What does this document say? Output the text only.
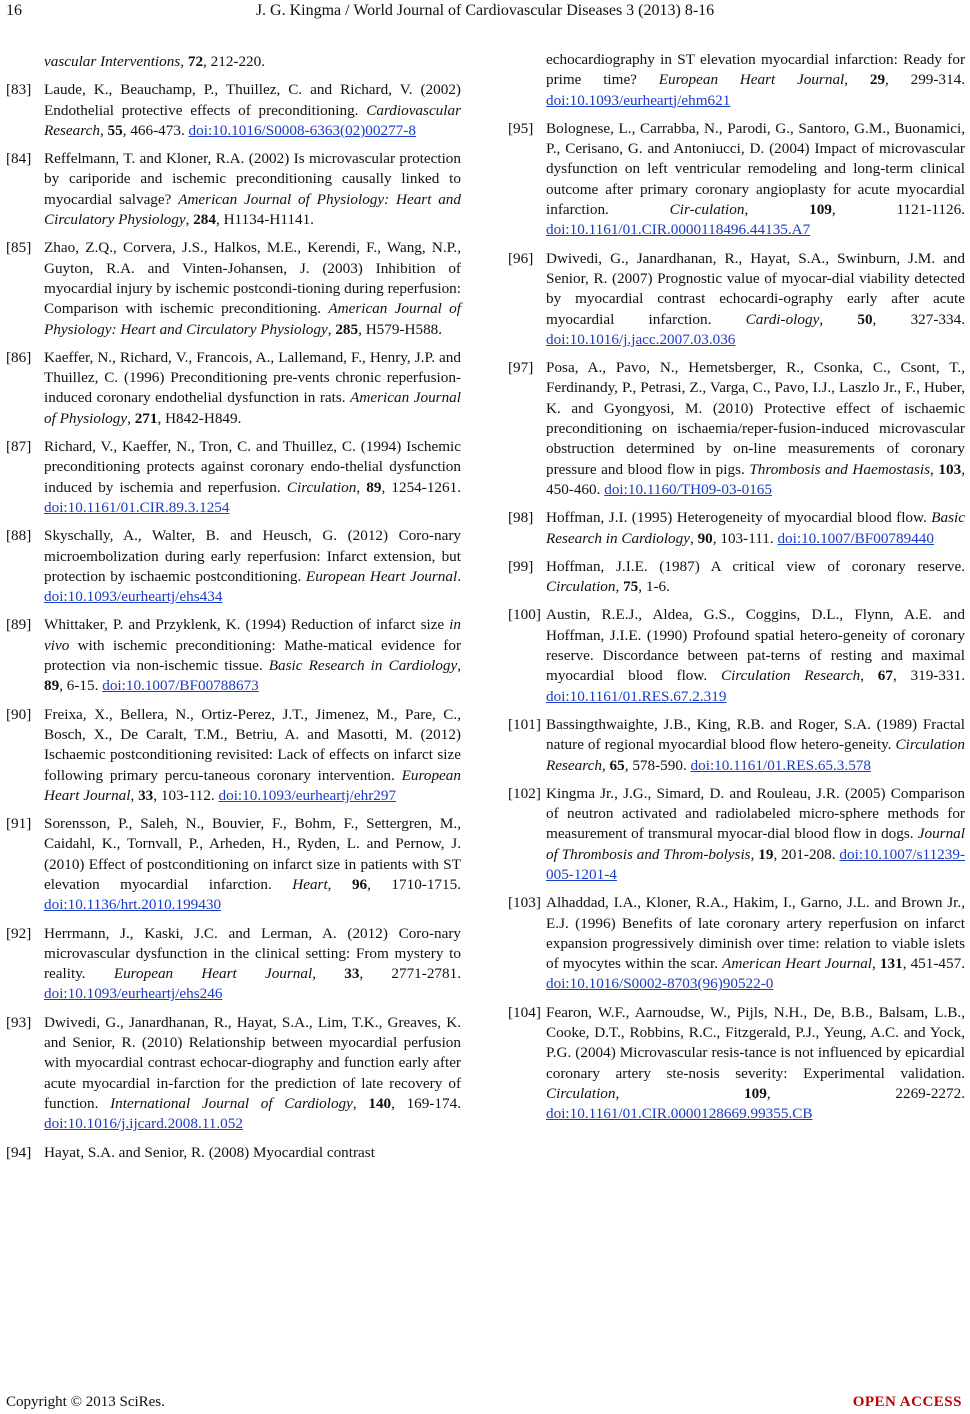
16	J. G. Kingma / World Journal of Cardiovascular Diseases 3 (2013) 8-16
vascular Interventions, 72, 212-220.
[83] Laude, K., Beauchamp, P., Thuillez, C. and Richard, V. (2002) Endothelial protective effects of preconditioning. Cardiovascular Research, 55, 466-473. doi:10.1016/S0008-6363(02)00277-8
[84] Reffelmann, T. and Kloner, R.A. (2002) Is microvascular protection by cariporide and ischemic preconditioning causally linked to myocardial salvage? American Journal of Physiology: Heart and Circulatory Physiology, 284, H1134-H1141.
[85] Zhao, Z.Q., Corvera, J.S., Halkos, M.E., Kerendi, F., Wang, N.P., Guyton, R.A. and Vinten-Johansen, J. (2003) Inhibition of myocardial injury by ischemic postcondi-tioning during reperfusion: Comparison with ischemic preconditioning. American Journal of Physiology: Heart and Circulatory Physiology, 285, H579-H588.
[86] Kaeffer, N., Richard, V., Francois, A., Lallemand, F., Henry, J.P. and Thuillez, C. (1996) Preconditioning pre-vents chronic reperfusion-induced coronary endothelial dysfunction in rats. American Journal of Physiology, 271, H842-H849.
[87] Richard, V., Kaeffer, N., Tron, C. and Thuillez, C. (1994) Ischemic preconditioning protects against coronary endo-thelial dysfunction induced by ischemia and reperfusion. Circulation, 89, 1254-1261. doi:10.1161/01.CIR.89.3.1254
[88] Skyschally, A., Walter, B. and Heusch, G. (2012) Coro-nary microembolization during early reperfusion: Infarct extension, but protection by ischaemic postconditioning. European Heart Journal. doi:10.1093/eurheartj/ehs434
[89] Whittaker, P. and Przyklenk, K. (1994) Reduction of infarct size in vivo with ischemic preconditioning: Mathe-matical evidence for protection via non-ischemic tissue. Basic Research in Cardiology, 89, 6-15. doi:10.1007/BF00788673
[90] Freixa, X., Bellera, N., Ortiz-Perez, J.T., Jimenez, M., Pare, C., Bosch, X., De Caralt, T.M., Betriu, A. and Masotti, M. (2012) Ischaemic postconditioning revisited: Lack of effects on infarct size following primary percu-taneous coronary intervention. European Heart Journal, 33, 103-112. doi:10.1093/eurheartj/ehr297
[91] Sorensson, P., Saleh, N., Bouvier, F., Bohm, F., Settergren, M., Caidahl, K., Tornvall, P., Arheden, H., Ryden, L. and Pernow, J. (2010) Effect of postconditioning on infarct size in patients with ST elevation myocardial infarction. Heart, 96, 1710-1715. doi:10.1136/hrt.2010.199430
[92] Herrmann, J., Kaski, J.C. and Lerman, A. (2012) Coro-nary microvascular dysfunction in the clinical setting: From mystery to reality. European Heart Journal, 33, 2771-2781. doi:10.1093/eurheartj/ehs246
[93] Dwivedi, G., Janardhanan, R., Hayat, S.A., Lim, T.K., Greaves, K. and Senior, R. (2010) Relationship between myocardial perfusion with myocardial contrast echocar-diography and function early after acute myocardial in-farction for the prediction of late recovery of function. International Journal of Cardiology, 140, 169-174. doi:10.1016/j.ijcard.2008.11.052
[94] Hayat, S.A. and Senior, R. (2008) Myocardial contrast
echocardiography in ST elevation myocardial infarction: Ready for prime time? European Heart Journal, 29, 299-314. doi:10.1093/eurheartj/ehm621
[95] Bolognese, L., Carrabba, N., Parodi, G., Santoro, G.M., Buonamici, P., Cerisano, G. and Antoniucci, D. (2004) Impact of microvascular dysfunction on left ventricular remodeling and long-term clinical outcome after primary coronary angioplasty for acute myocardial infarction. Cir-culation, 109, 1121-1126. doi:10.1161/01.CIR.0000118496.44135.A7
[96] Dwivedi, G., Janardhanan, R., Hayat, S.A., Swinburn, J.M. and Senior, R. (2007) Prognostic value of myocar-dial viability detected by myocardial contrast echocardi-ography early after acute myocardial infarction. Cardi-ology, 50, 327-334. doi:10.1016/j.jacc.2007.03.036
[97] Posa, A., Pavo, N., Hemetsberger, R., Csonka, C., Csont, T., Ferdinandy, P., Petrasi, Z., Varga, C., Pavo, I.J., Laszlo Jr., F., Huber, K. and Gyongyosi, M. (2010) Protective effect of ischaemic preconditioning on ischaemia/reper-fusion-induced microvascular obstruction determined by on-line measurements of coronary pressure and blood flow in pigs. Thrombosis and Haemostasis, 103, 450-460. doi:10.1160/TH09-03-0165
[98] Hoffman, J.I. (1995) Heterogeneity of myocardial blood flow. Basic Research in Cardiology, 90, 103-111. doi:10.1007/BF00789440
[99] Hoffman, J.I.E. (1987) A critical view of coronary reserve. Circulation, 75, 1-6.
[100] Austin, R.E.J., Aldea, G.S., Coggins, D.L., Flynn, A.E. and Hoffman, J.I.E. (1990) Profound spatial hetero-geneity of coronary reserve. Discordance between pat-terns of resting and maximal myocardial blood flow. Circulation Research, 67, 319-331. doi:10.1161/01.RES.67.2.319
[101] Bassingthwaighte, J.B., King, R.B. and Roger, S.A. (1989) Fractal nature of regional myocardial blood flow hetero-geneity. Circulation Research, 65, 578-590. doi:10.1161/01.RES.65.3.578
[102] Kingma Jr., J.G., Simard, D. and Rouleau, J.R. (2005) Comparison of neutron activated and radiolabeled micro-sphere methods for measurement of transmural myocar-dial blood flow in dogs. Journal of Thrombosis and Throm-bolysis, 19, 201-208. doi:10.1007/s11239-005-1201-4
[103] Alhaddad, I.A., Kloner, R.A., Hakim, I., Garno, J.L. and Brown Jr., E.J. (1996) Benefits of late coronary artery reperfusion on infarct expansion progressively diminish over time: relation to viable islets of myocytes within the scar. American Heart Journal, 131, 451-457. doi:10.1016/S0002-8703(96)90522-0
[104] Fearon, W.F., Aarnoudse, W., Pijls, N.H., De, B.B., Balsam, L.B., Cooke, D.T., Robbins, R.C., Fitzgerald, P.J., Yeung, A.C. and Yock, P.G. (2004) Microvascular resis-tance is not influenced by epicardial coronary artery ste-nosis severity: Experimental validation. Circulation, 109, 2269-2272. doi:10.1161/01.CIR.0000128669.99355.CB
Copyright © 2013 SciRes.	OPEN ACCESS
